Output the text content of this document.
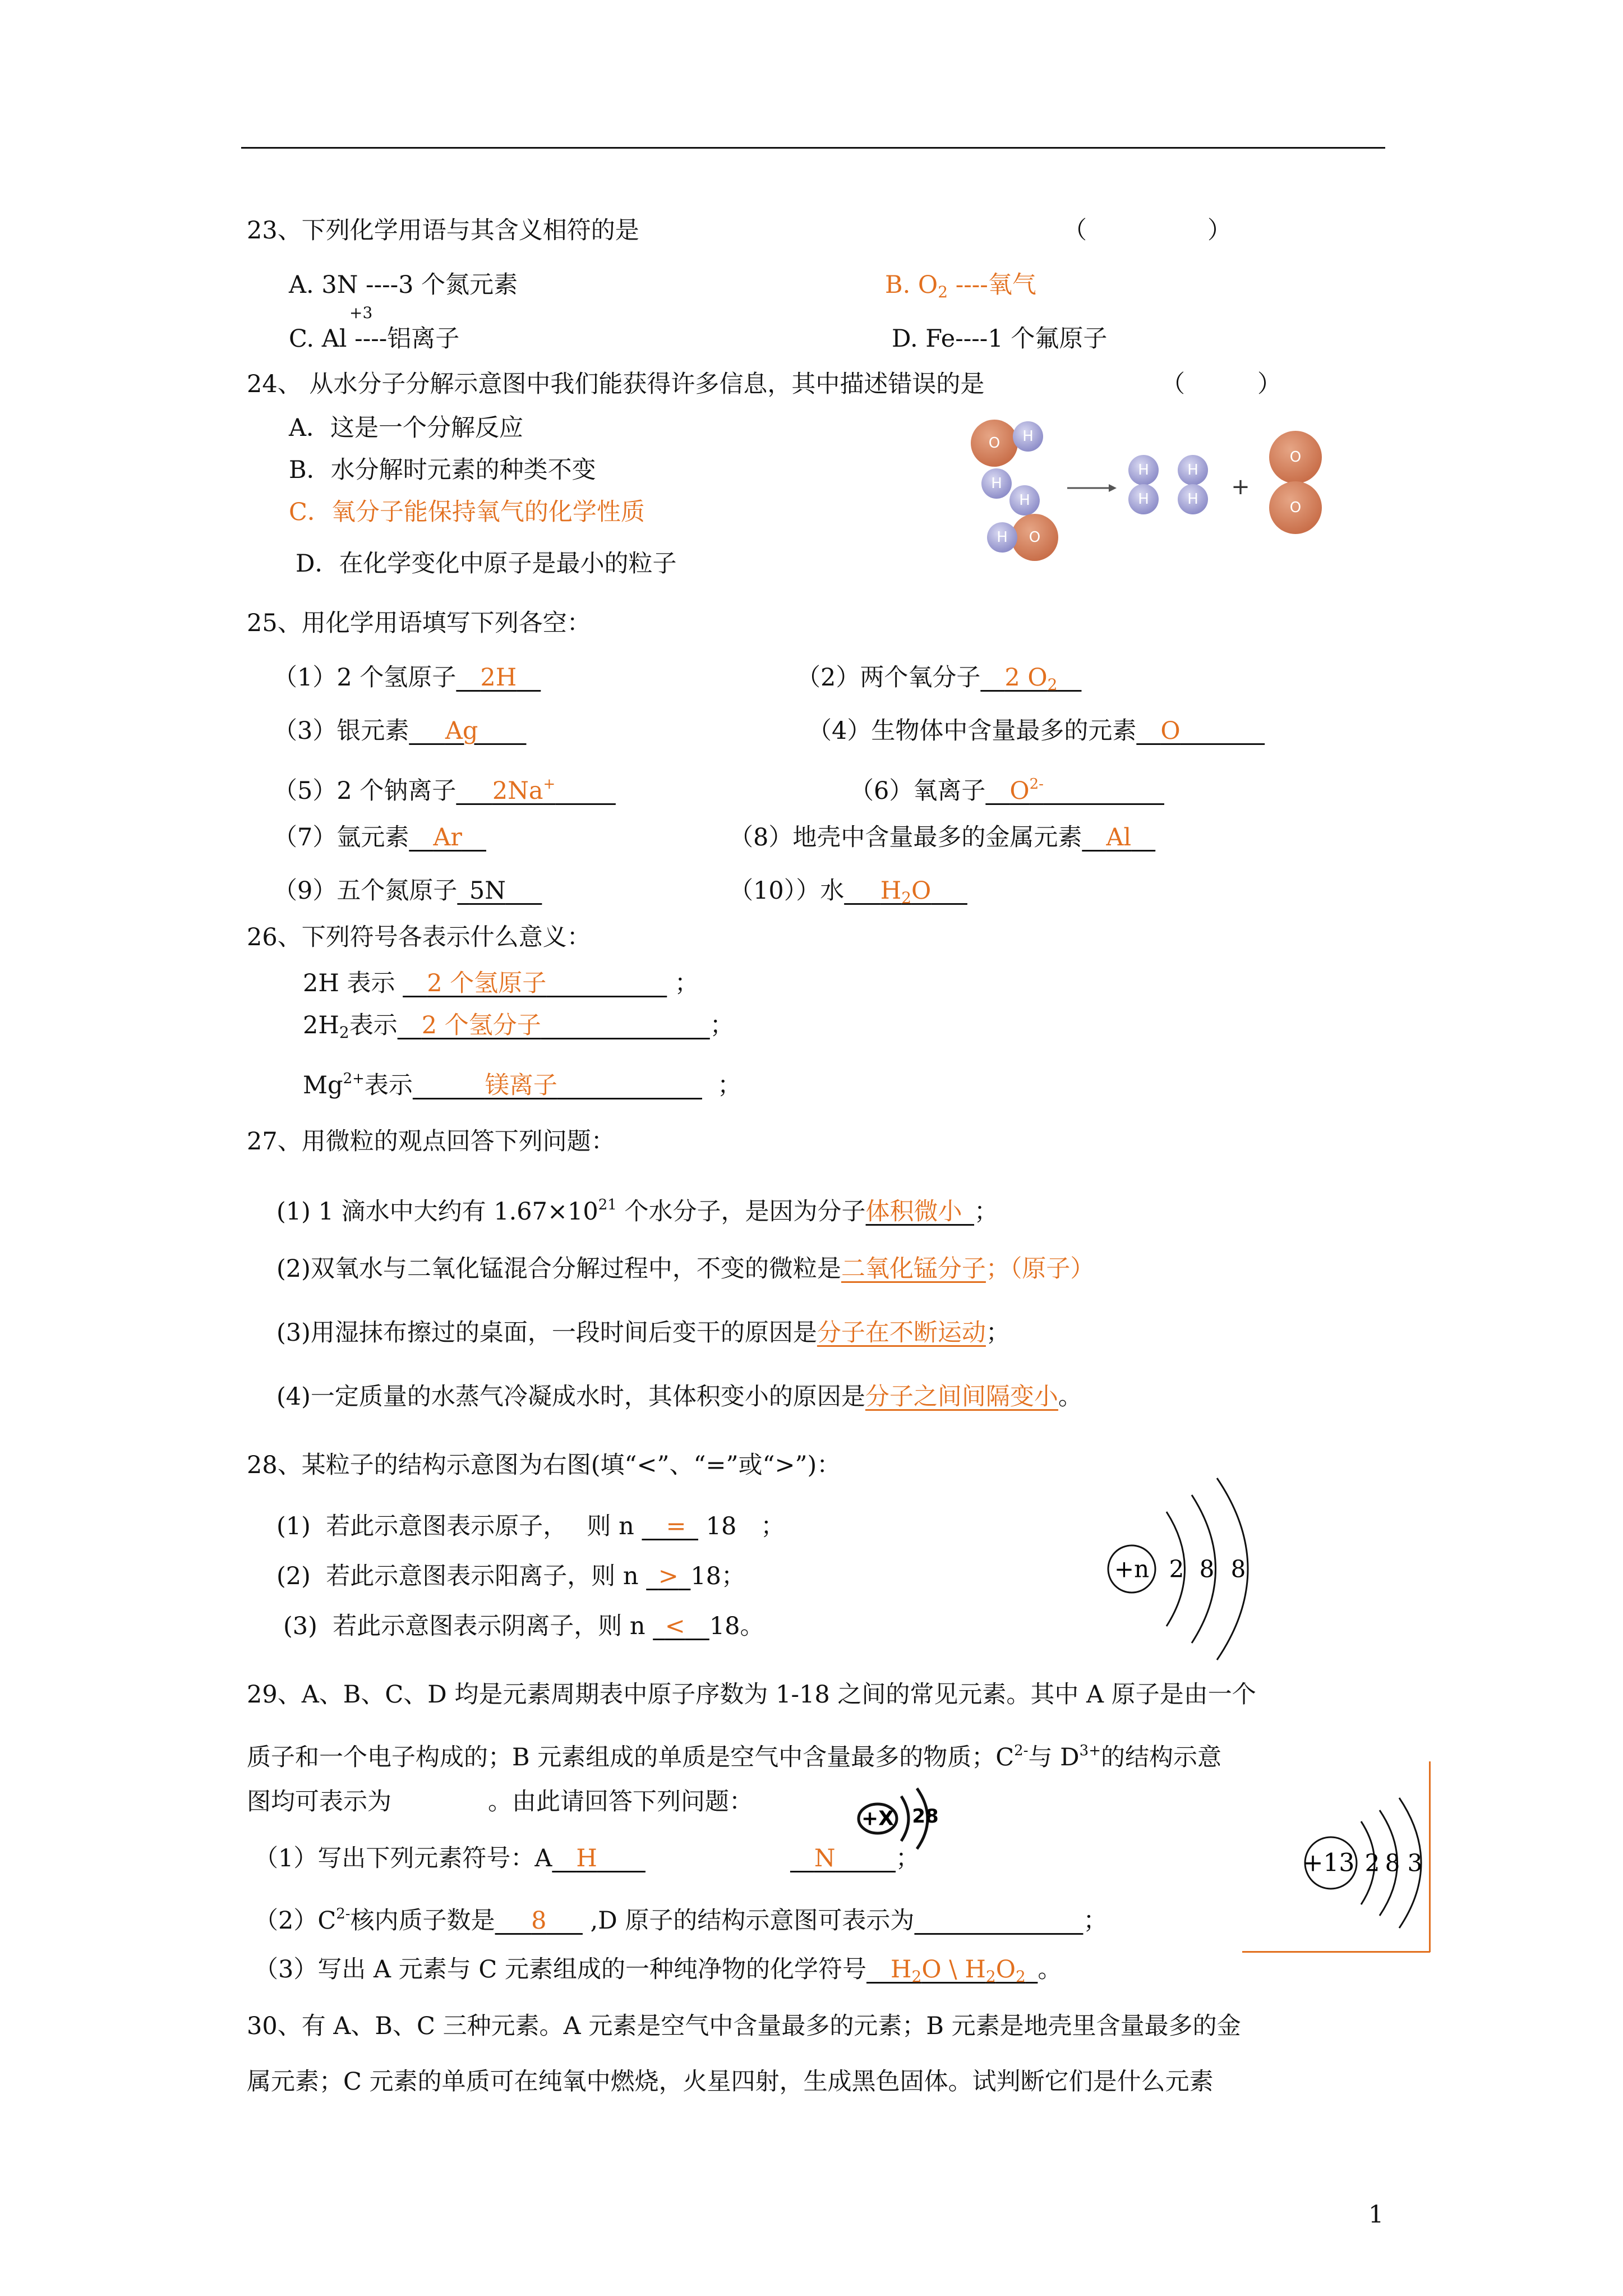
23、下列化学用语与其含义相符的是	（　　　　　）
A. 3N ----3 个氮元素	B. $O_2$ ----氧气
+3
C. Al ----铝离子	D. Fe----1 个氟原子
24、 从水分子分解示意图中我们能获得许多信息，其中描述错误的是	（　　　）
A．这是一个分解反应
B．水分解时元素的种类不变
C．氧分子能保持氧气的化学性质
D．在化学变化中原子是最小的粒子
O H
H
H
O
H
H
H
H
H +
O
O
25、用化学用语填写下列各空：
（1）2 个氢原子__2H__	（2）两个氧分子__2 $O_2\_\_$
（3）银元素___Ag____	（4）生物体中含量最多的元素__O_______
（5）2 个钠离子___2Na+_____	（6）氧离子$\_\_O^{2-}\_\_\_\_\_\_\_\_\_\_$
（7）氩元素__Ar__	（8）地壳中含量最多的金属元素__Al__
（9）五个氮原子_5N___	（10））水$\_\_\_H_2O\_\_\_$
26、下列符号各表示什么意义：
2H 表示 __2 个氢原子__________ ；
$2H_2$表示__2 个氢分子______________；
$Mg^{2+}$表示______镁离子____________ ；
27、用微粒的观点回答下列问题：
(1) 1 滴水中大约有 $1.67\times 10^{21}$ 个水分子，是因为分子体积微小_；
(2)双氧水与二氧化锰混合分解过程中，不变的微粒是二氧化锰分子；（原子）
(3)用湿抹布擦过的桌面，一段时间后变干的原因是分子在不断运动；
(4)一定质量的水蒸气冷凝成水时，其体积变小的原因是分子之间间隔变小。
28、某粒子的结构示意图为右图(填“<”、“=”或“>”)：
(1)  若此示意图表示原子，　 则 n __=_ 18　；
(2)  若此示意图表示阳离子，则 n _>_18；
(3)  若此示意图表示阴离子，则 n _<__18。
+n 2 8 8
29、A、B、C、D 均是元素周期表中原子序数为 1-18 之间的常见元素。其中 A 原子是由一个
质子和一个电子构成的；B 元素组成的单质是空气中含量最多的物质；$C^{2-}$与 $D^{3+}$的结构示意
图均可表示为　　　　。由此请回答下列问题：
+X 28
（1）写出下列元素符号：A__H____　　　　　　　	N_____；
$(2)C^{2-}$核内质子数是___8___ ,D 原子的结构示意图可表示为______________；
（3）写出 A 元素与 C 元素组成的一种纯净物的化学符号$\_\_H_2O$ \ $H_2O_2\_$。
+13 2 8 3
30、有 A、B、C 三种元素。A 元素是空气中含量最多的元素；B 元素是地壳里含量最多的金
属元素；C 元素的单质可在纯氧中燃烧，火星四射，生成黑色固体。试判断它们是什么元素
1
